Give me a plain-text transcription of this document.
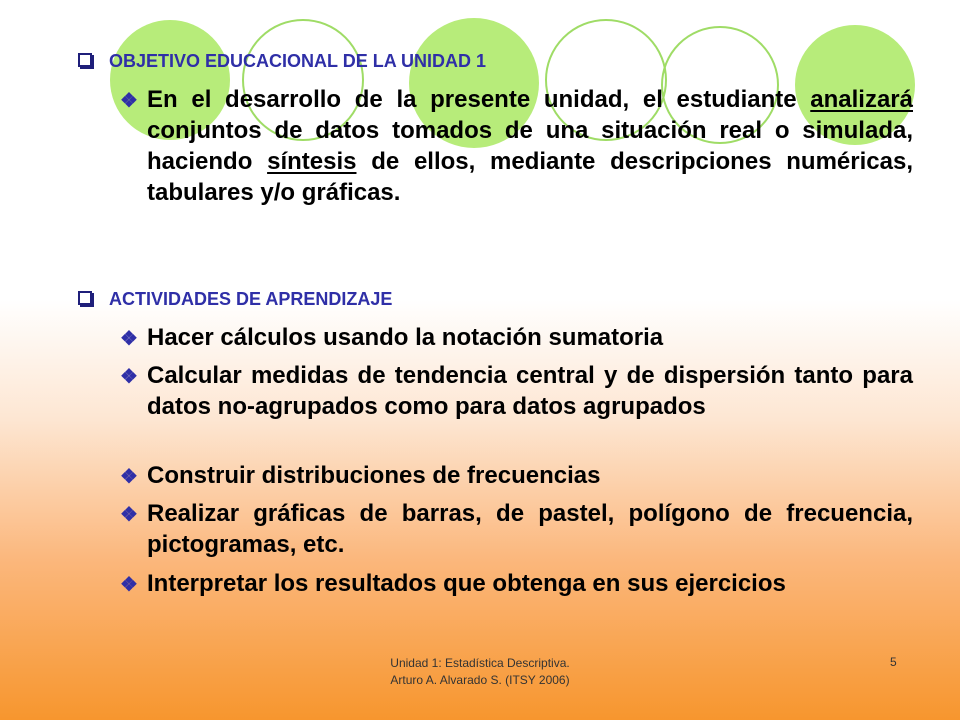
OBJETIVO EDUCACIONAL DE LA UNIDAD 1
❖ En el desarrollo de la presente unidad, el estudiante analizará conjuntos de datos tomados de una situación real o simulada, haciendo síntesis de ellos, mediante descripciones numéricas, tabulares y/o gráficas.
ACTIVIDADES DE APRENDIZAJE
❖ Hacer cálculos usando la notación sumatoria
❖ Calcular medidas de tendencia central y de dispersión tanto para datos no-agrupados como para datos agrupados
❖ Construir distribuciones de frecuencias
❖ Realizar gráficas de barras, de pastel, polígono de frecuencia, pictogramas, etc.
❖ Interpretar los resultados que obtenga en sus ejercicios
Unidad 1: Estadística Descriptiva.
Arturo A. Alvarado S. (ITSY 2006)
5
